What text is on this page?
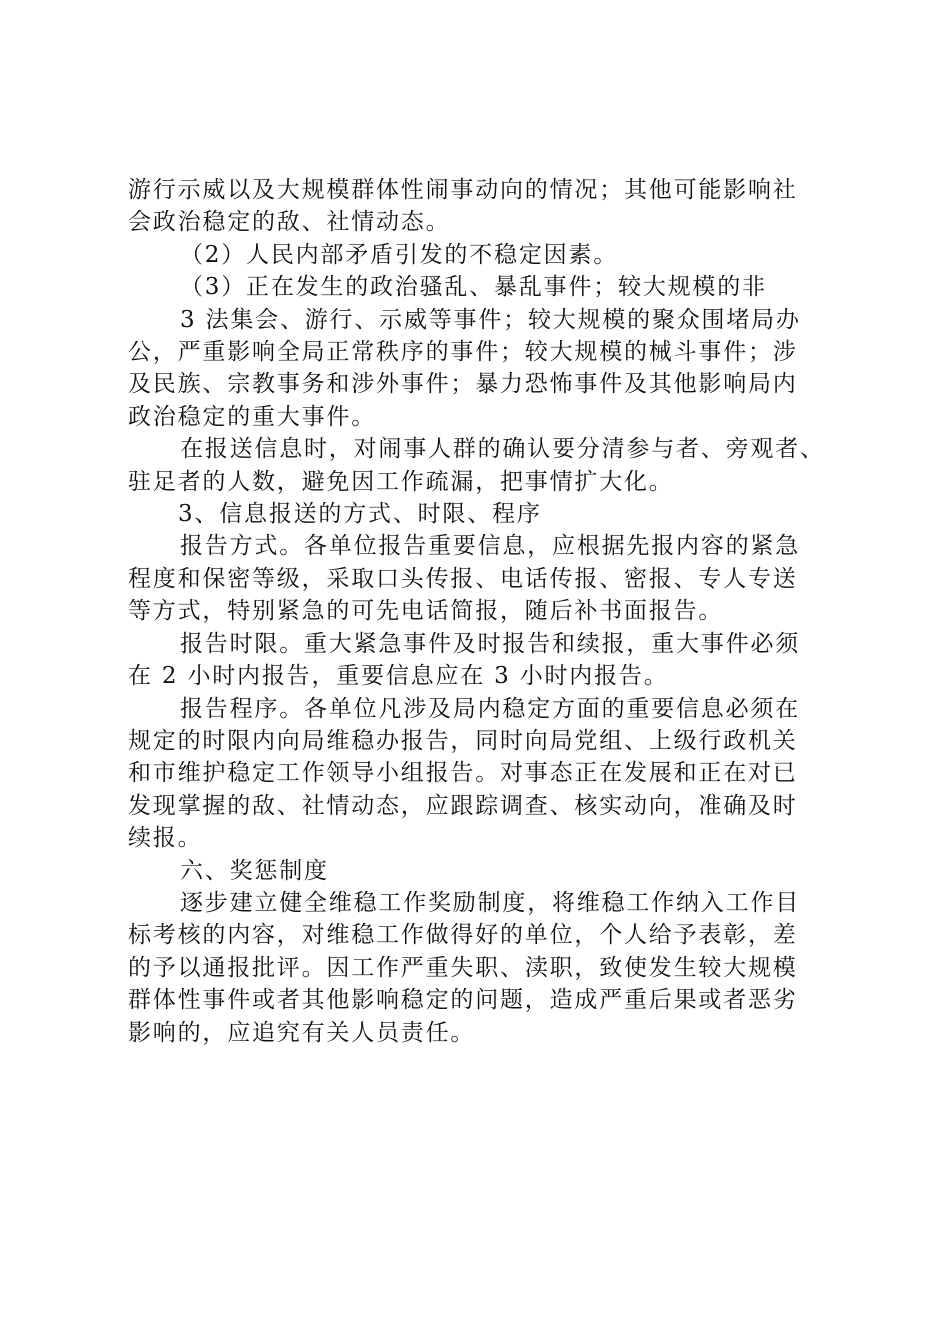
游行示威以及大规模群体性闹事动向的情况；其他可能影响社
会政治稳定的敌、社情动态。
（2）人民内部矛盾引发的不稳定因素。
（3）正在发生的政治骚乱、暴乱事件；较大规模的非
3 法集会、游行、示威等事件；较大规模的聚众围堵局办
公，严重影响全局正常秩序的事件；较大规模的械斗事件；涉
及民族、宗教事务和涉外事件；暴力恐怖事件及其他影响局内
政治稳定的重大事件。
在报送信息时，对闹事人群的确认要分清参与者、旁观者、
驻足者的人数，避免因工作疏漏，把事情扩大化。
3、信息报送的方式、时限、程序
报告方式。各单位报告重要信息，应根据先报内容的紧急
程度和保密等级，采取口头传报、电话传报、密报、专人专送
等方式，特别紧急的可先电话简报，随后补书面报告。
报告时限。重大紧急事件及时报告和续报，重大事件必须
在 2 小时内报告，重要信息应在 3 小时内报告。
报告程序。各单位凡涉及局内稳定方面的重要信息必须在
规定的时限内向局维稳办报告，同时向局党组、上级行政机关
和市维护稳定工作领导小组报告。对事态正在发展和正在对已
发现掌握的敌、社情动态，应跟踪调查、核实动向，准确及时
续报。
六、奖惩制度
逐步建立健全维稳工作奖励制度，将维稳工作纳入工作目
标考核的内容，对维稳工作做得好的单位，个人给予表彰，差
的予以通报批评。因工作严重失职、渎职，致使发生较大规模
群体性事件或者其他影响稳定的问题，造成严重后果或者恶劣
影响的，应追究有关人员责任。
